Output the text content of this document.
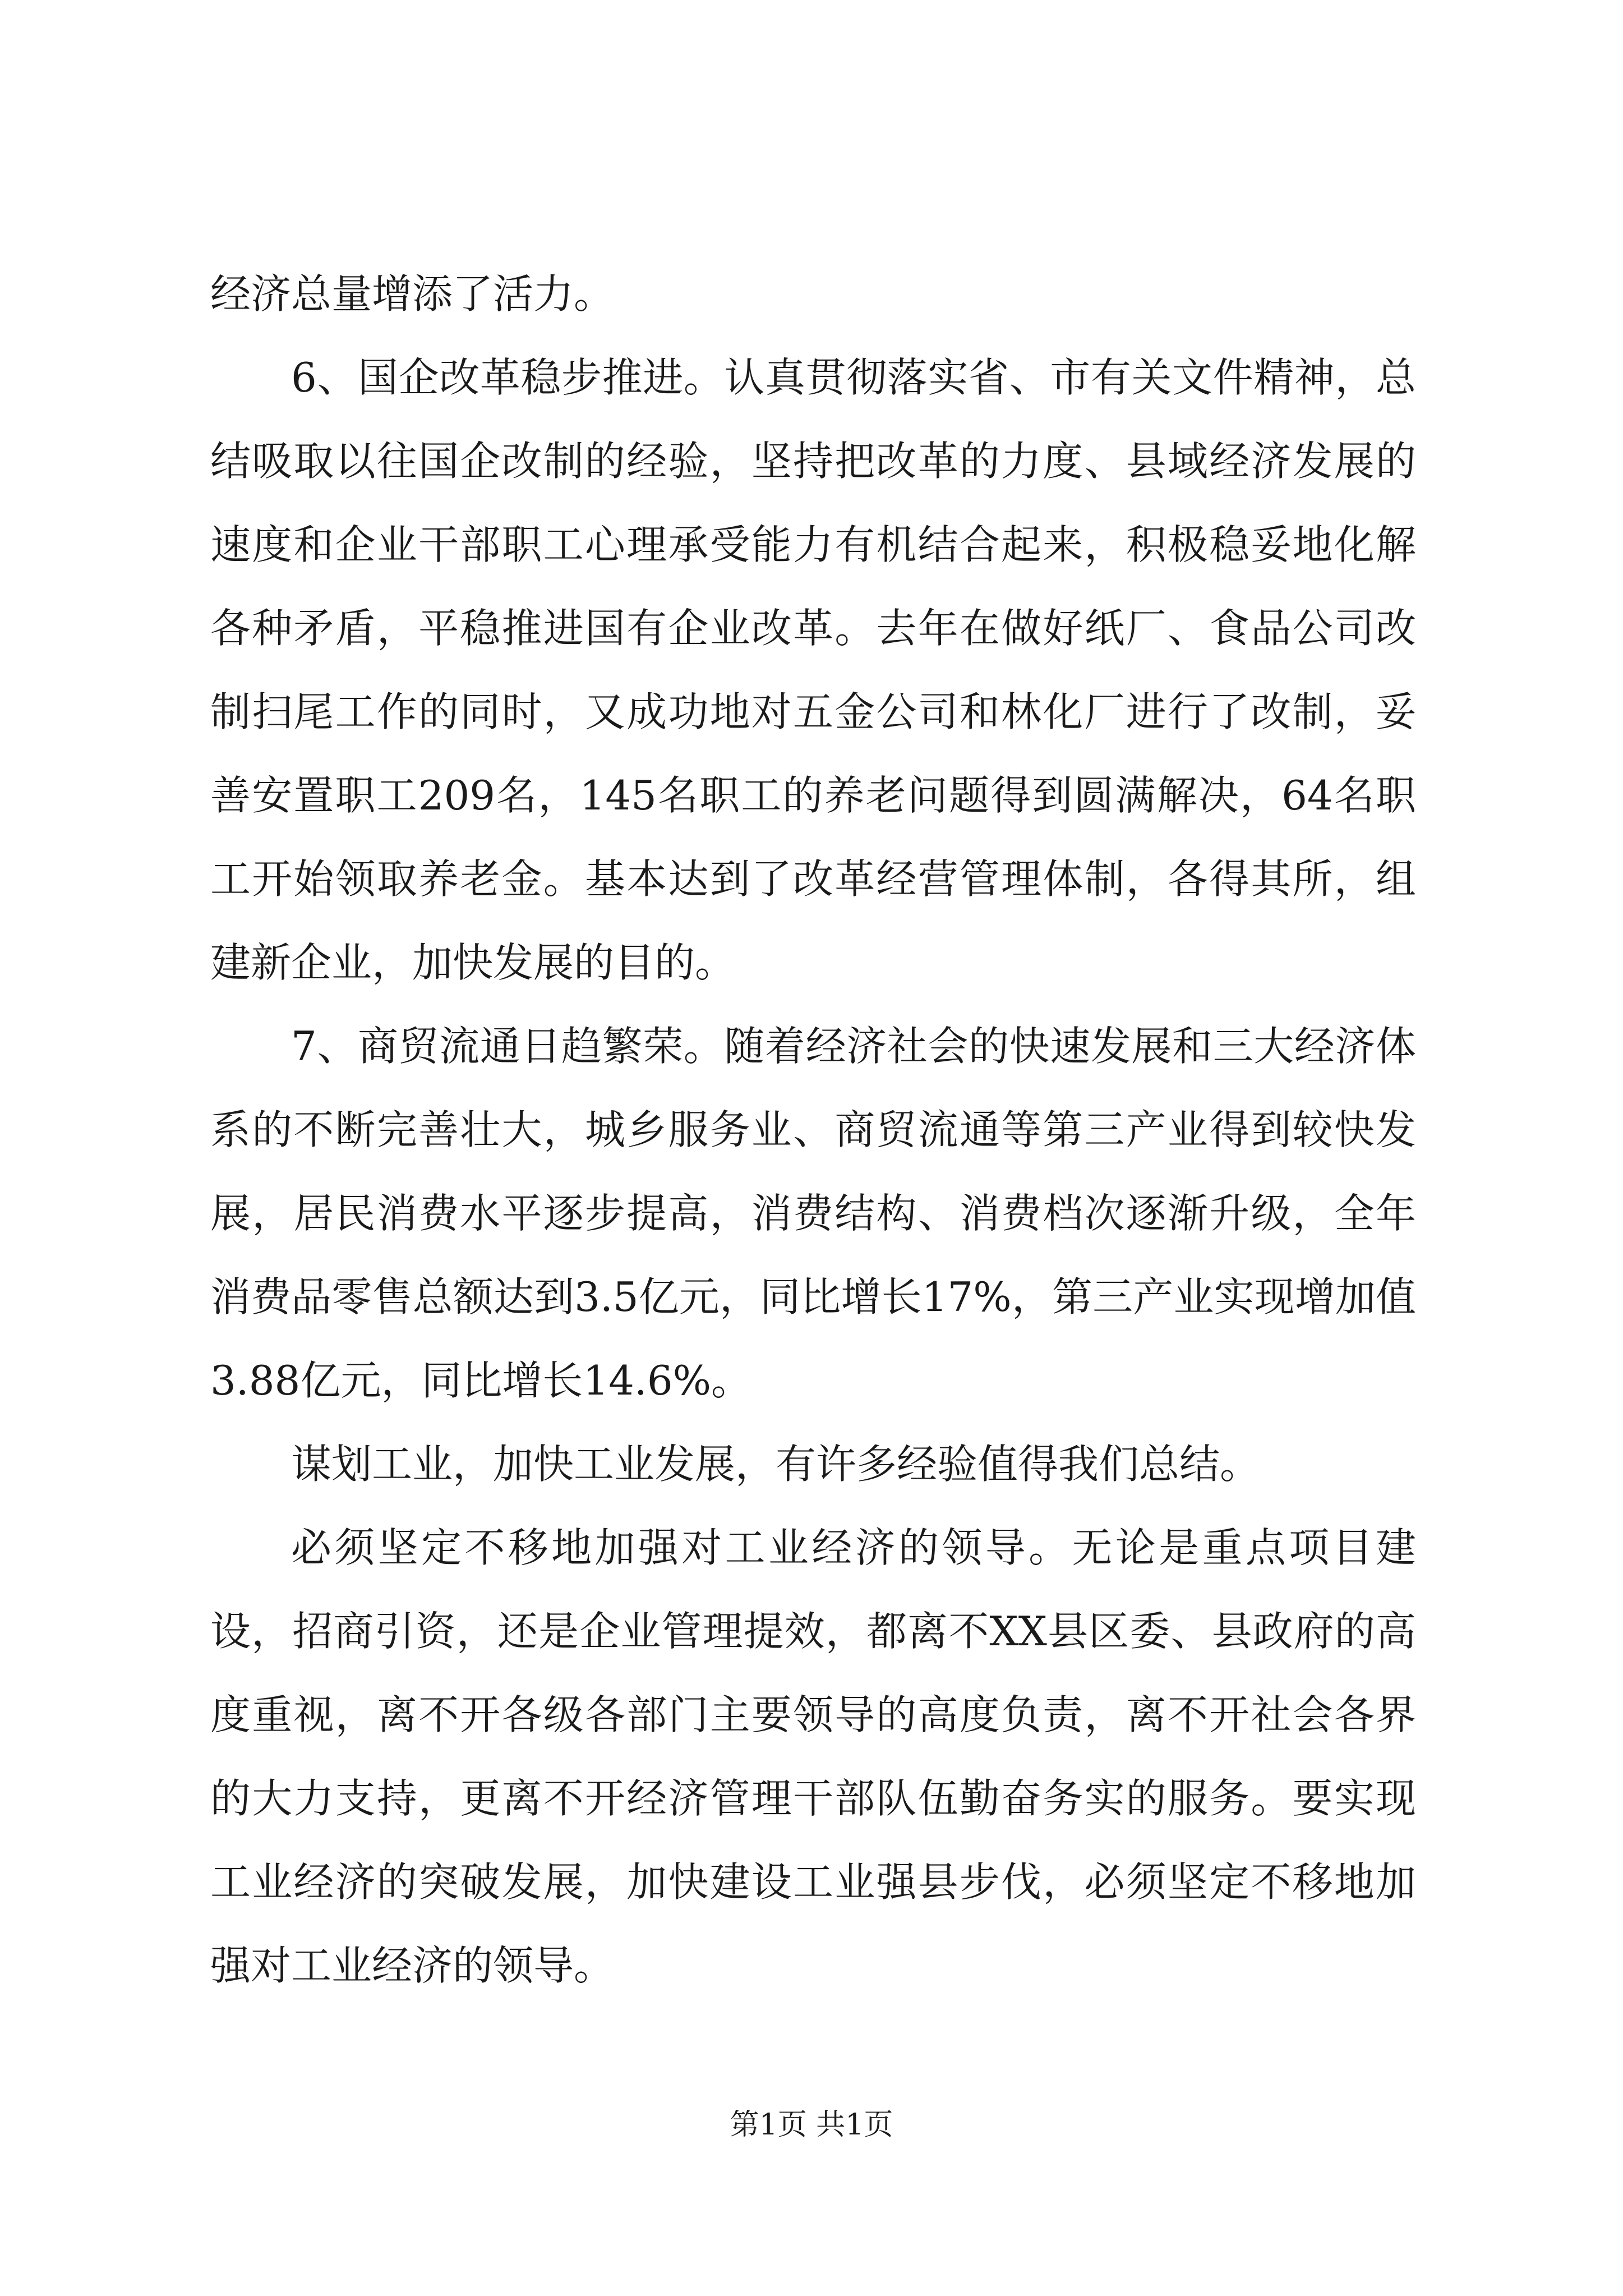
经济总量增添了活力。

6、国企改革稳步推进。认真贯彻落实省、市有关文件精神，总结吸取以往国企改制的经验，坚持把改革的力度、县域经济发展的速度和企业干部职工心理承受能力有机结合起来，积极稳妥地化解各种矛盾，平稳推进国有企业改革。去年在做好纸厂、食品公司改制扫尾工作的同时，又成功地对五金公司和林化厂进行了改制，妥善安置职工209名，145名职工的养老问题得到圆满解决，64名职工开始领取养老金。基本达到了改革经营管理体制，各得其所，组建新企业，加快发展的目的。

7、商贸流通日趋繁荣。随着经济社会的快速发展和三大经济体系的不断完善壮大，城乡服务业、商贸流通等第三产业得到较快发展，居民消费水平逐步提高，消费结构、消费档次逐渐升级，全年消费品零售总额达到3.5亿元，同比增长17%，第三产业实现增加值3.88亿元，同比增长14.6%。

谋划工业，加快工业发展，有许多经验值得我们总结。

必须坚定不移地加强对工业经济的领导。无论是重点项目建设，招商引资，还是企业管理提效，都离不XX县区委、县政府的高度重视，离不开各级各部门主要领导的高度负责，离不开社会各界的大力支持，更离不开经济管理干部队伍勤奋务实的服务。要实现工业经济的突破发展，加快建设工业强县步伐，必须坚定不移地加强对工业经济的领导。

第1页 共1页
